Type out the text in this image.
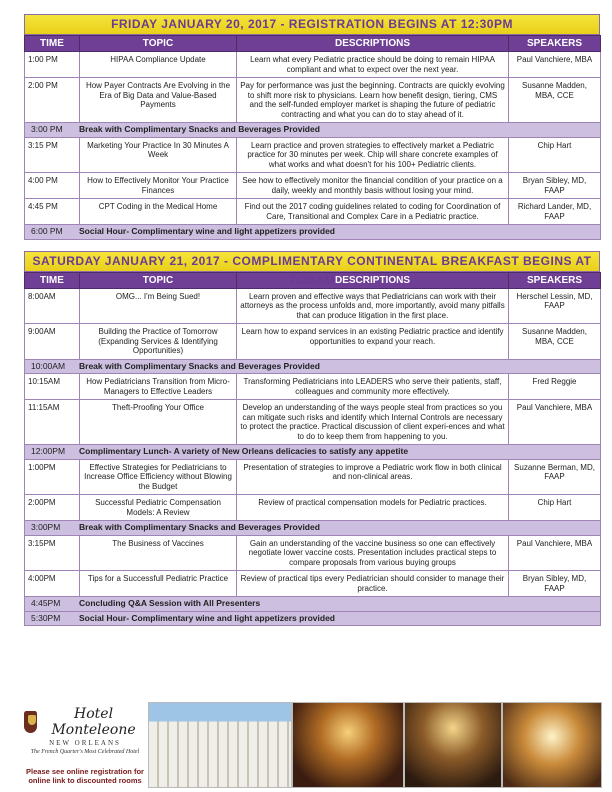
FRIDAY JANUARY 20, 2017 - REGISTRATION BEGINS AT 12:30PM
TIME	TOPIC	DESCRIPTIONS	SPEAKERS
1:00 PM	HIPAA Compliance Update	Learn what every Pediatric practice should be doing to remain HIPAA compliant and what to expect over the next year.	Paul Vanchiere, MBA
2:00 PM	How Payer Contracts Are Evolving in the Era of Big Data and Value-Based Payments	Pay for performance was just the beginning. Contracts are quickly evolving to shift more risk to physicians. Learn how benefit design, tiering, CMS and the self-funded employer market is shaping the future of pediatric contracting and what you can do to stay ahead of it.	Susanne Madden, MBA, CCE
3:00 PM Break with Complimentary Snacks and Beverages Provided			
3:15 PM	Marketing Your Practice In 30 Minutes A Week	Learn practice and proven strategies to effectively market a Pediatric practice for 30 minutes per week. Chip will share concrete examples of what works and what doesn't for his 100+ Pediatric clients.	Chip Hart
4:00 PM	How to Effectively Monitor Your Practice Finances	See how to effectively monitor the financial condition of your practice on a daily, weekly and monthly basis without losing your mind.	Bryan Sibley, MD, FAAP
4:45 PM	CPT Coding in the Medical Home	Find out the 2017 coding guidelines related to coding for Coordination of Care, Transitional and Complex Care in a Pediatric practice.	Richard Lander, MD, FAAP
6:00 PM Social Hour- Complimentary wine and light appetizers provided			
SATURDAY JANUARY 21, 2017 - COMPLIMENTARY CONTINENTAL BREAKFAST BEGINS AT 7:30AM
TIME	TOPIC	DESCRIPTIONS	SPEAKERS
8:00AM	OMG... I'm Being Sued!	Learn proven and effective ways that Pediatricians can work with their attorneys as the process unfolds and, more importantly, avoid many pitfalls that can produce litigation in the first place.	Herschel Lessin, MD, FAAP
9:00AM	Building the Practice of Tomorrow (Expanding Services & Identifying Opportunities)	Learn how to expand services in an existing Pediatric practice and identify opportunities to expand your reach.	Susanne Madden, MBA, CCE
10:00AM Break with Complimentary Snacks and Beverages Provided			
10:15AM	How Pediatricians Transition from Micro-Managers to Effective Leaders	Transforming Pediatricians into LEADERS who serve their patients, staff, colleagues and community more effectively.	Fred Reggie
11:15AM	Theft-Proofing Your Office	Develop an understanding of the ways people steal from practices so you can mitigate such risks and identify which Internal Controls are necessary to protect the practice. Practical discussion of client experi-ences and what to do to keep them from happening to you.	Paul Vanchiere, MBA
12:00PM Complimentary Lunch- A variety of New Orleans delicacies to satisfy any appetite			
1:00PM	Effective Strategies for Pediatricians to Increase Office Efficiency without Blowing the Budget	Presentation of strategies to improve a Pediatric work flow in both clinical and non-clinical areas.	Suzanne Berman, MD, FAAP
2:00PM	Successful Pediatric Compensation Models: A Review	Review of practical compensation models for Pediatric practices.	Chip Hart
3:00PM Break with Complimentary Snacks and Beverages Provided			
3:15PM	The Business of Vaccines	Gain an understanding of the vaccine business so one can effectively negotiate lower vaccine costs. Presentation includes practical steps to compare proposals from various buying groups	Paul Vanchiere, MBA
4:00PM	Tips for a Successfull Pediatric Practice	Review of practical tips every Pediatrician should consider to manage their practice.	Bryan Sibley, MD, FAAP
4:45PM Concluding Q&A Session with All Presenters			
5:30PM Social Hour- Complimentary wine and light appetizers provided			
Hotel Monteleone
NEW ORLEANS
The French Quarter's Most Celebrated Hotel
Please see online registration for online link to discounted rooms
